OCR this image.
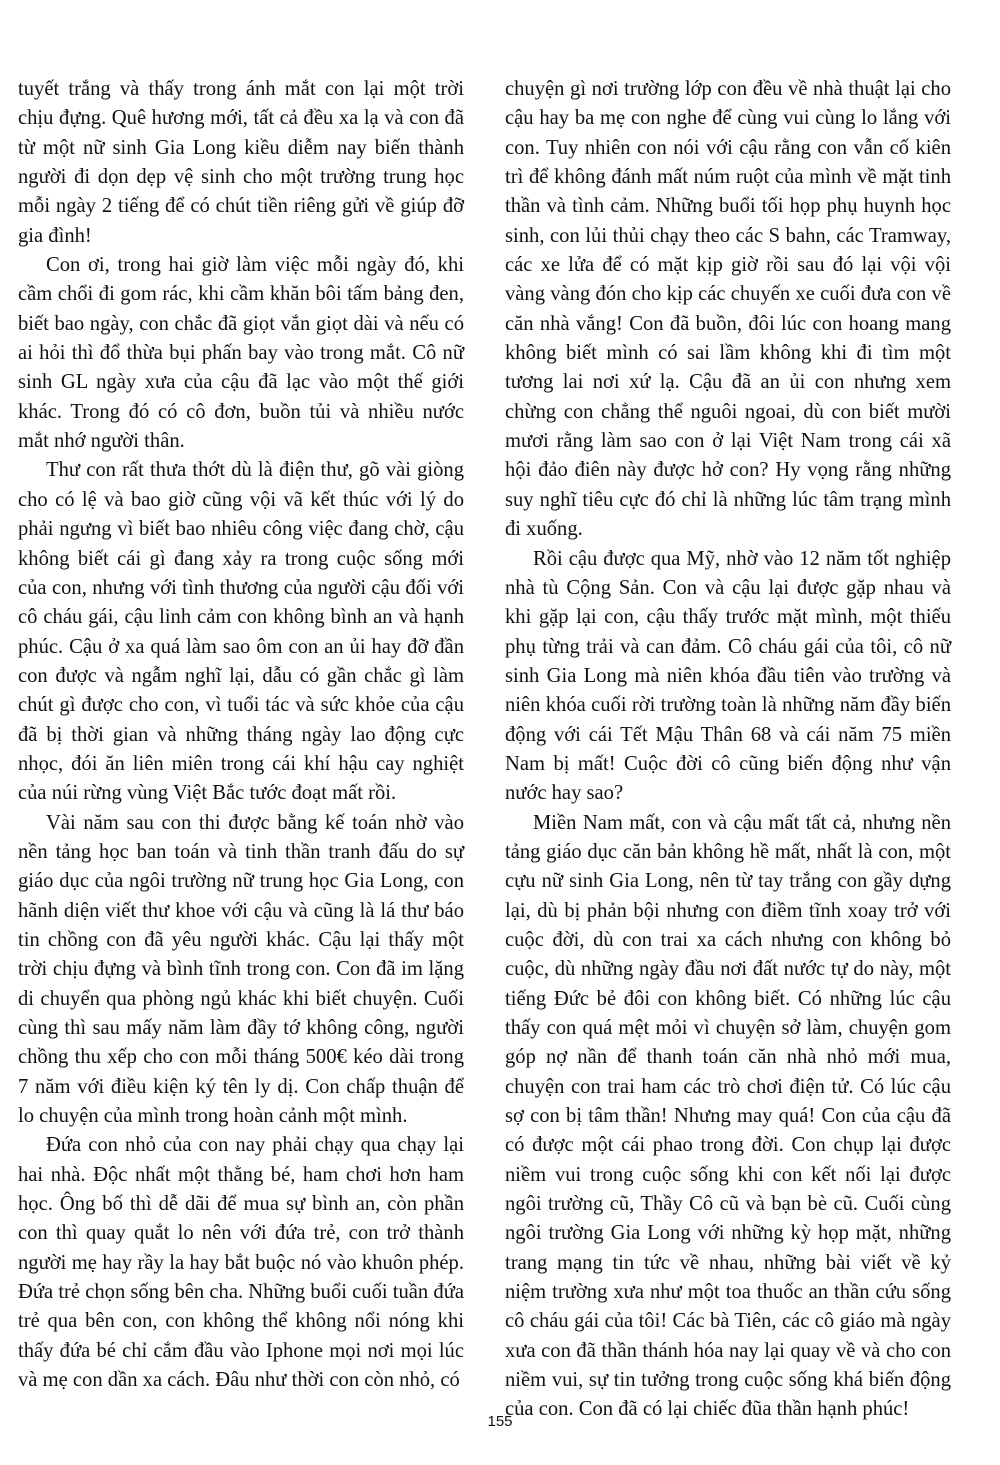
tuyết trắng và thấy trong ánh mắt con lại một trời chịu đựng. Quê hương mới, tất cả đều xa lạ và con đã từ một nữ sinh Gia Long kiều diễm nay biến thành người đi dọn dẹp vệ sinh cho một trường trung học mỗi ngày 2 tiếng để có chút tiền riêng gửi về giúp đỡ gia đình!

Con ơi, trong hai giờ làm việc mỗi ngày đó, khi cầm chổi đi gom rác, khi cầm khăn bôi tấm bảng đen, biết bao ngày, con chắc đã giọt vắn giọt dài và nếu có ai hỏi thì đổ thừa bụi phấn bay vào trong mắt. Cô nữ sinh GL ngày xưa của cậu đã lạc vào một thế giới khác. Trong đó có cô đơn, buồn tủi và nhiều nước mắt nhớ người thân.

Thư con rất thưa thớt dù là điện thư, gõ vài giòng cho có lệ và bao giờ cũng vội vã kết thúc với lý do phải ngưng vì biết bao nhiêu công việc đang chờ, cậu không biết cái gì đang xảy ra trong cuộc sống mới của con, nhưng với tình thương của người cậu đối với cô cháu gái, cậu linh cảm con không bình an và hạnh phúc. Cậu ở xa quá làm sao ôm con an ủi hay đỡ đần con được và ngẫm nghĩ lại, dẫu có gần chắc gì làm chút gì được cho con, vì tuổi tác và sức khỏe của cậu đã bị thời gian và những tháng ngày lao động cực nhọc, đói ăn liên miên trong cái khí hậu cay nghiệt của núi rừng vùng Việt Bắc tước đoạt mất rồi.

Vài năm sau con thi được bằng kế toán nhờ vào nền tảng học ban toán và tinh thần tranh đấu do sự giáo dục của ngôi trường nữ trung học Gia Long, con hãnh diện viết thư khoe với cậu và cũng là lá thư báo tin chồng con đã yêu người khác. Cậu lại thấy một trời chịu đựng và bình tĩnh trong con. Con đã im lặng di chuyển qua phòng ngủ khác khi biết chuyện. Cuối cùng thì sau mấy năm làm đầy tớ không công, người chồng thu xếp cho con mỗi tháng 500€ kéo dài trong 7 năm với điều kiện ký tên ly dị. Con chấp thuận để lo chuyện của mình trong hoàn cảnh một mình.

Đứa con nhỏ của con nay phải chạy qua chạy lại hai nhà. Độc nhất một thằng bé, ham chơi hơn ham học. Ông bố thì dễ dãi để mua sự bình an, còn phần con thì quay quắt lo nên với đứa trẻ, con trở thành người mẹ hay rầy la hay bắt buộc nó vào khuôn phép. Đứa trẻ chọn sống bên cha. Những buổi cuối tuần đứa trẻ qua bên con, con không thể không nổi nóng khi thấy đứa bé chỉ cắm đầu vào Iphone mọi nơi mọi lúc và mẹ con dần xa cách. Đâu như thời con còn nhỏ, có

chuyện gì nơi trường lớp con đều về nhà thuật lại cho cậu hay ba mẹ con nghe để cùng vui cùng lo lắng với con. Tuy nhiên con nói với cậu rằng con vẫn cố kiên trì để không đánh mất núm ruột của mình về mặt tinh thần và tình cảm. Những buổi tối họp phụ huynh học sinh, con lủi thủi chạy theo các S bahn, các Tramway, các xe lửa để có mặt kịp giờ rồi sau đó lại vội vội vàng vàng đón cho kịp các chuyến xe cuối đưa con về căn nhà vắng! Con đã buồn, đôi lúc con hoang mang không biết mình có sai lầm không khi đi tìm một tương lai nơi xứ lạ. Cậu đã an ủi con nhưng xem chừng con chẳng thể nguôi ngoai, dù con biết mười mươi rằng làm sao con ở lại Việt Nam trong cái xã hội đảo điên này được hở con? Hy vọng rằng những suy nghĩ tiêu cực đó chỉ là những lúc tâm trạng mình đi xuống.

Rồi cậu được qua Mỹ, nhờ vào 12 năm tốt nghiệp nhà tù Cộng Sản. Con và cậu lại được gặp nhau và khi gặp lại con, cậu thấy trước mặt mình, một thiếu phụ từng trải và can đảm. Cô cháu gái của tôi, cô nữ sinh Gia Long mà niên khóa đầu tiên vào trường và niên khóa cuối rời trường toàn là những năm đầy biến động với cái Tết Mậu Thân 68 và cái năm 75 miền Nam bị mất! Cuộc đời cô cũng biến động như vận nước hay sao?

Miền Nam mất, con và cậu mất tất cả, nhưng nền tảng giáo dục căn bản không hề mất, nhất là con, một cựu nữ sinh Gia Long, nên từ tay trắng con gầy dựng lại, dù bị phản bội nhưng con điềm tĩnh xoay trở với cuộc đời, dù con trai xa cách nhưng con không bỏ cuộc, dù những ngày đầu nơi đất nước tự do này, một tiếng Đức bẻ đôi con không biết. Có những lúc cậu thấy con quá mệt mỏi vì chuyện sở làm, chuyện gom góp nợ nần để thanh toán căn nhà nhỏ mới mua, chuyện con trai ham các trò chơi điện tử. Có lúc cậu sợ con bị tâm thần! Nhưng may quá! Con của cậu đã có được một cái phao trong đời. Con chụp lại được niềm vui trong cuộc sống khi con kết nối lại được ngôi trường cũ, Thầy Cô cũ và bạn bè cũ. Cuối cùng ngôi trường Gia Long với những kỳ họp mặt, những trang mạng tin tức về nhau, những bài viết về kỷ niệm trường xưa như một toa thuốc an thần cứu sống cô cháu gái của tôi! Các bà Tiên, các cô giáo mà ngày xưa con đã thần thánh hóa nay lại quay về và cho con niềm vui, sự tin tưởng trong cuộc sống khá biến động của con. Con đã có lại chiếc đũa thần hạnh phúc!

155
